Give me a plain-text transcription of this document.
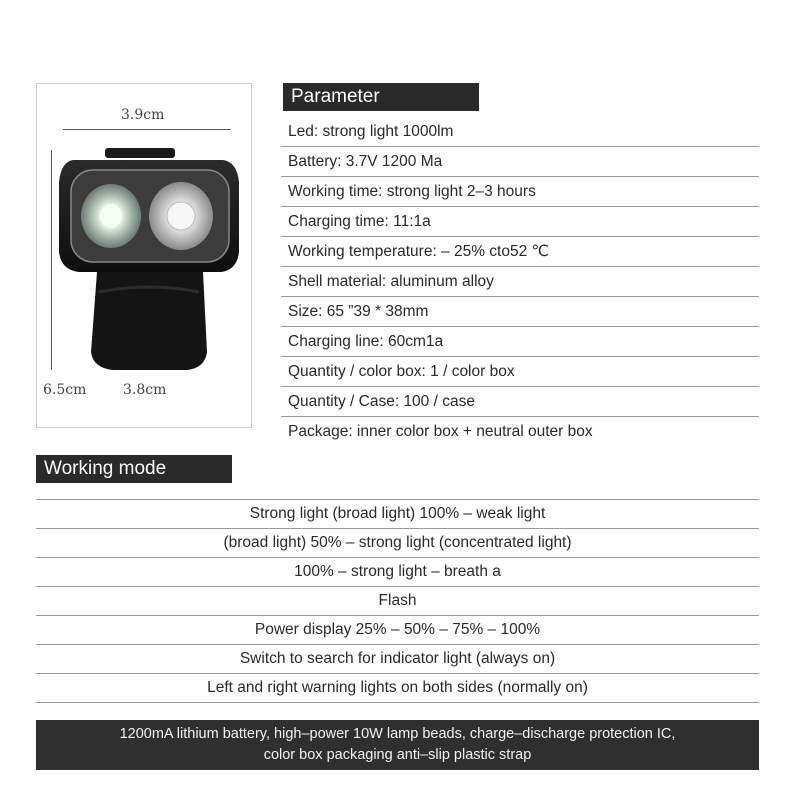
3.9cm
6.5cm	3.8cm
Parameter
Led: strong light 1000lm
Battery: 3.7V 1200 Ma
Working time: strong light 2–3 hours
Charging time: 11:1a
Working temperature: – 25% cto52 ℃
Shell material: aluminum alloy
Size: 65 ”39 * 38mm
Charging line: 60cm1a
Quantity / color box: 1 / color box
Quantity / Case: 100 / case
Package: inner color box + neutral outer box
Working mode
Strong light (broad light) 100% – weak light
(broad light) 50% – strong light (concentrated light)
100% – strong light – breath a
Flash
Power display 25% – 50% – 75% – 100%
Switch to search for indicator light (always on)
Left and right warning lights on both sides (normally on)
1200mA lithium battery, high–power 10W lamp beads, charge–discharge protection IC,
color box packaging anti–slip plastic strap
